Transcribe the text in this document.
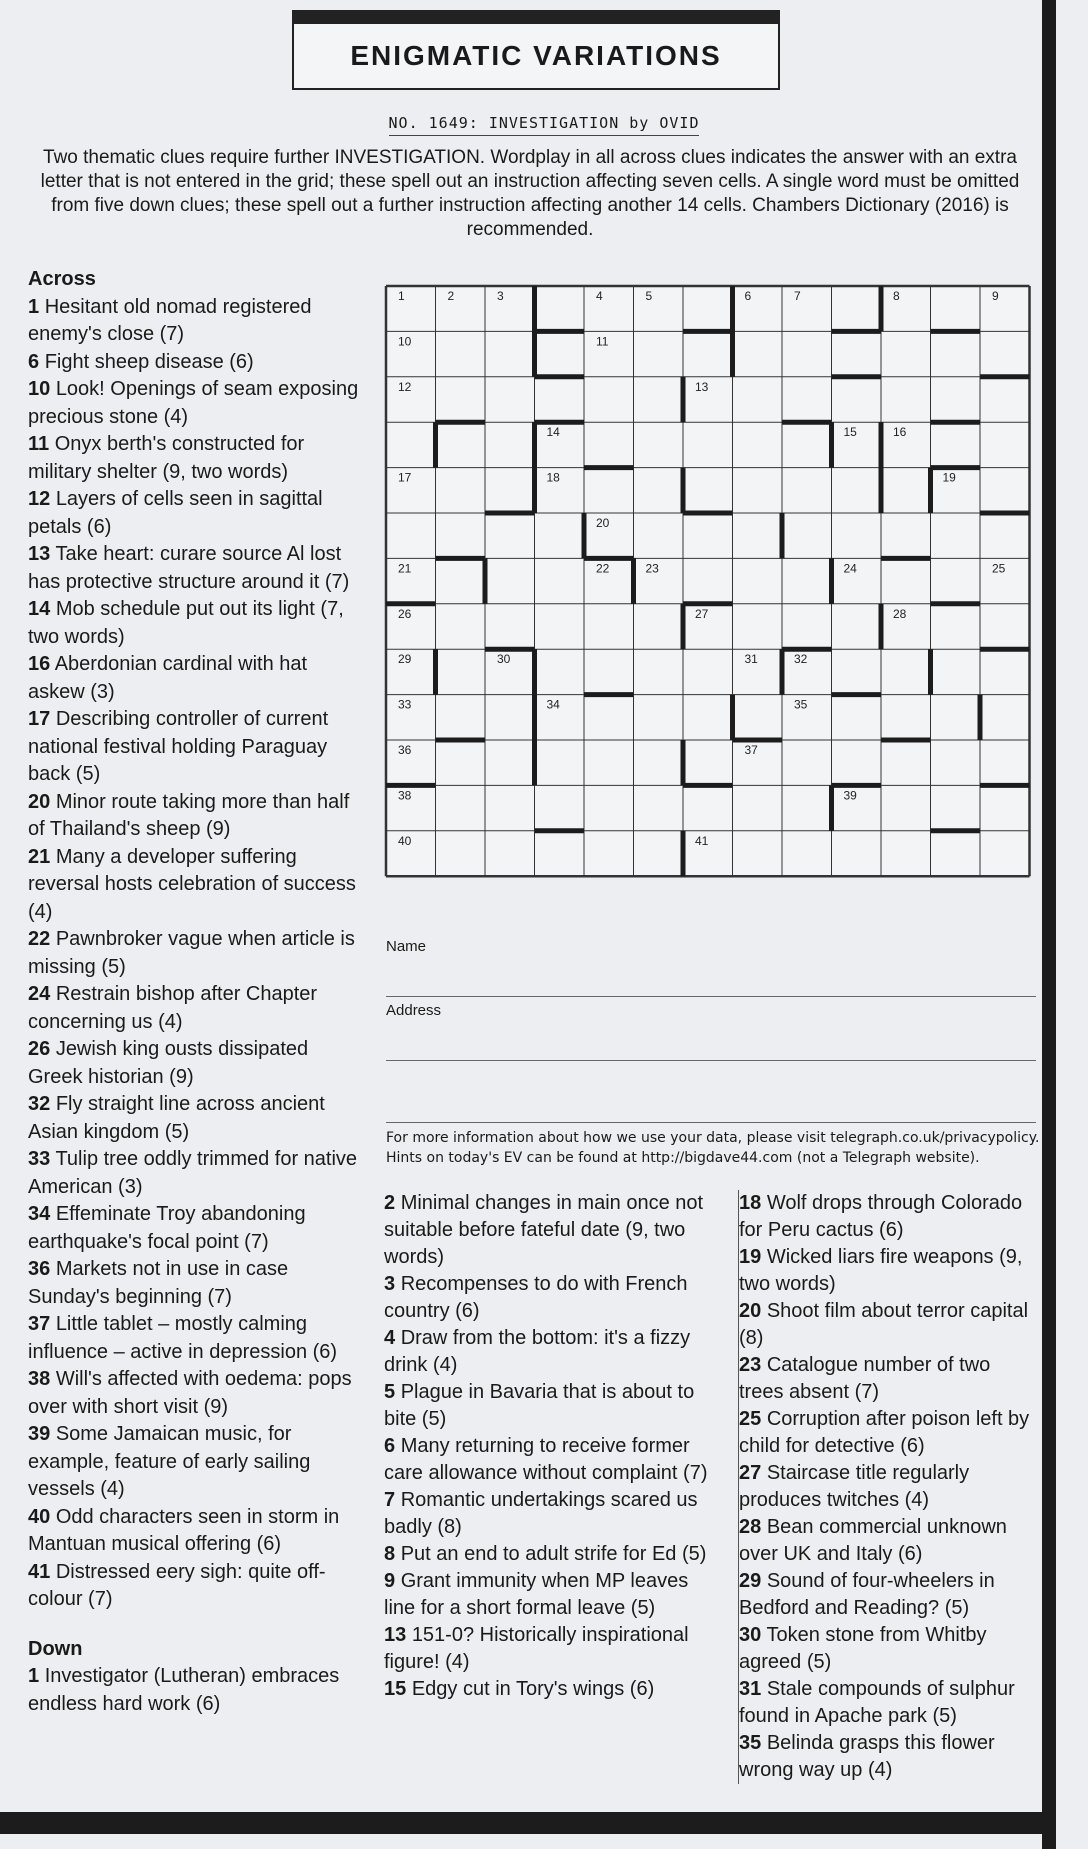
ENIGMATIC VARIATIONS
NO. 1649: INVESTIGATION by OVID
Two thematic clues require further INVESTIGATION. Wordplay in all across clues indicates the answer with an extra letter that is not entered in the grid; these spell out an instruction affecting seven cells. A single word must be omitted from five down clues; these spell out a further instruction affecting another 14 cells. Chambers Dictionary (2016) is recommended.

Across

1 Hesitant old nomad registered enemy's close (7)

6 Fight sheep disease (6)

10 Look! Openings of seam exposing precious stone (4)

11 Onyx berth's constructed for military shelter (9, two words)

12 Layers of cells seen in sagittal petals (6)

13 Take heart: curare source Al lost has protective structure around it (7)

14 Mob schedule put out its light (7, two words)

16 Aberdonian cardinal with hat askew (3)

17 Describing controller of current national festival holding Paraguay back (5)

20 Minor route taking more than half of Thailand's sheep (9)

21 Many a developer suffering reversal hosts celebration of success (4)

22 Pawnbroker vague when article is missing (5)

24 Restrain bishop after Chapter concerning us (4)

26 Jewish king ousts dissipated Greek historian (9)

32 Fly straight line across ancient Asian kingdom (5)

33 Tulip tree oddly trimmed for native American (3)

34 Effeminate Troy abandoning earthquake's focal point (7)

36 Markets not in use in case Sunday's beginning (7)

37 Little tablet – mostly calming influence – active in depression (6)

38 Will's affected with oedema: pops over with short visit (9)

39 Some Jamaican music, for example, feature of early sailing vessels (4)

40 Odd characters seen in storm in Mantuan musical offering (6)

41 Distressed eery sigh: quite off-colour (7)

Down

1 Investigator (Lutheran) embraces endless hard work (6)

1	2	3	4	5	6	7	8	9
10	11
12	13
14	15	16
17	18	19
20
21	22	23	24	25
26	27	28
29	30	31	32
33	34	35
36	37
38	39
40	41
Name
Address
For more information about how we use your data, please visit telegraph.co.uk/privacypolicy.
Hints on today's EV can be found at http://bigdave44.com (not a Telegraph website).

2 Minimal changes in main once not suitable before fateful date (9, two words)

3 Recompenses to do with French country (6)

4 Draw from the bottom: it's a fizzy drink (4)

5 Plague in Bavaria that is about to bite (5)

6 Many returning to receive former care allowance without complaint (7)

7 Romantic undertakings scared us badly (8)

8 Put an end to adult strife for Ed (5)

9 Grant immunity when MP leaves line for a short formal leave (5)

13 151-0? Historically inspirational figure! (4)

15 Edgy cut in Tory's wings (6)

18 Wolf drops through Colorado for Peru cactus (6)

19 Wicked liars fire weapons (9, two words)

20 Shoot film about terror capital (8)

23 Catalogue number of two trees absent (7)

25 Corruption after poison left by child for detective (6)

27 Staircase title regularly produces twitches (4)

28 Bean commercial unknown over UK and Italy (6)

29 Sound of four-wheelers in Bedford and Reading? (5)

30 Token stone from Whitby agreed (5)

31 Stale compounds of sulphur found in Apache park (5)

35 Belinda grasps this flower wrong way up (4)
